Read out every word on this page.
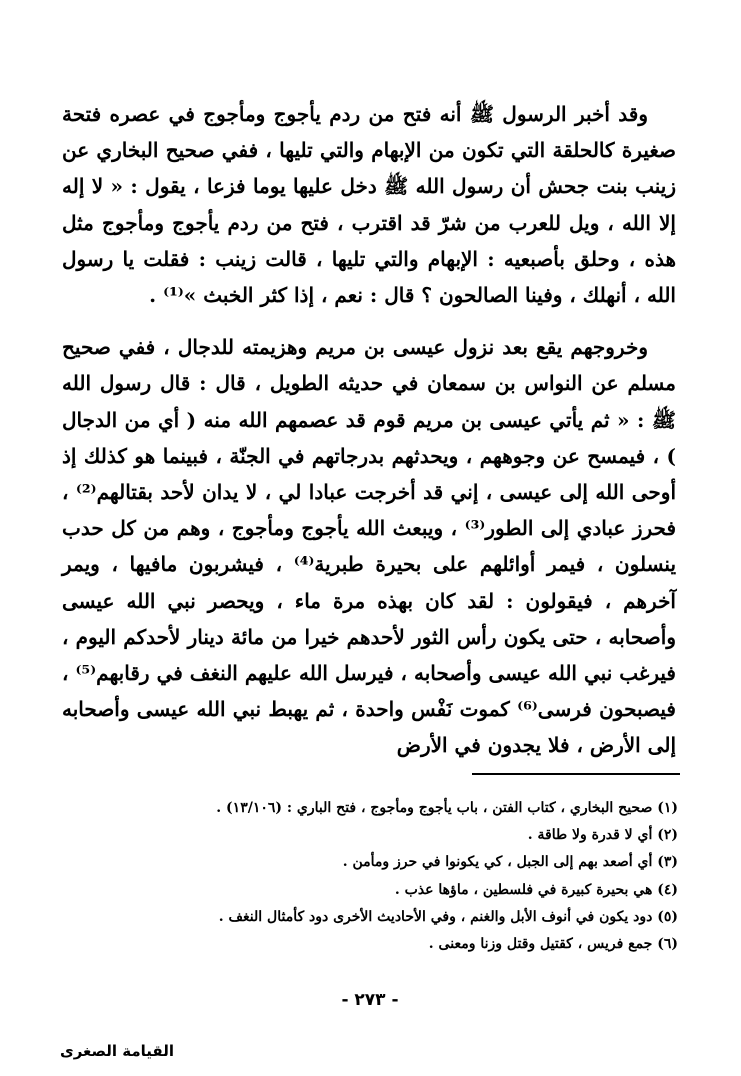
وقد أخبر الرسول ﷺ أنه فتح من ردم يأجوج ومأجوج في عصره فتحة صغيرة كالحلقة التي تكون من الإبهام والتي تليها ، ففي صحيح البخاري عن زينب بنت جحش أن رسول الله ﷺ دخل عليها يوما فزعا ، يقول : « لا إله إلا الله ، ويل للعرب من شرّ قد اقترب ، فتح من ردم يأجوج ومأجوج مثل هذه ، وحلق بأصبعيه : الإبهام والتي تليها ، قالت زينب : فقلت يا رسول الله ، أنهلك ، وفينا الصالحون ؟ قال : نعم ، إذا كثر الخبث »⁽¹⁾ .

وخروجهم يقع بعد نزول عيسى بن مريم وهزيمته للدجال ، ففي صحيح مسلم عن النواس بن سمعان في حديثه الطويل ، قال : قال رسول الله ﷺ : « ثم يأتي عيسى بن مريم قوم قد عصمهم الله منه ( أي من الدجال ) ، فيمسح عن وجوههم ، ويحدثهم بدرجاتهم في الجنّة ، فبينما هو كذلك إذ أوحى الله إلى عيسى ، إني قد أخرجت عبادا لي ، لا يدان لأحد بقتالهم⁽²⁾ ، فحرز عبادي إلى الطور⁽³⁾ ، ويبعث الله يأجوج ومأجوج ، وهم من كل حدب ينسلون ، فيمر أوائلهم على بحيرة طبرية⁽⁴⁾ ، فيشربون مافيها ، ويمر آخرهم ، فيقولون : لقد كان بهذه مرة ماء ، ويحصر نبي الله عيسى وأصحابه ، حتى يكون رأس الثور لأحدهم خيرا من مائة دينار لأحدكم اليوم ، فيرغب نبي الله عيسى وأصحابه ، فيرسل الله عليهم النغف في رقابهم⁽⁵⁾ ، فيصبحون فرسى⁽⁶⁾ كموت نَفْس واحدة ، ثم يهبط نبي الله عيسى وأصحابه إلى الأرض ، فلا يجدون في الأرض

(١) صحيح البخاري ، كتاب الفتن ، باب يأجوج ومأجوج ، فتح الباري : (١٣/١٠٦) .
(٢) أي لا قدرة ولا طاقة .
(٣) أي أصعد بهم إلى الجبل ، كي يكونوا في حرز ومأمن .
(٤) هي بحيرة كبيرة في فلسطين ، ماؤها عذب .
(٥) دود يكون في أنوف الأبل والغنم ، وفي الأحاديث الأخرى دود كأمثال النغف .
(٦) جمع فريس ، كقتيل وقتل وزنا ومعنى .
- ٢٧٣ -
القيامة الصغرى
